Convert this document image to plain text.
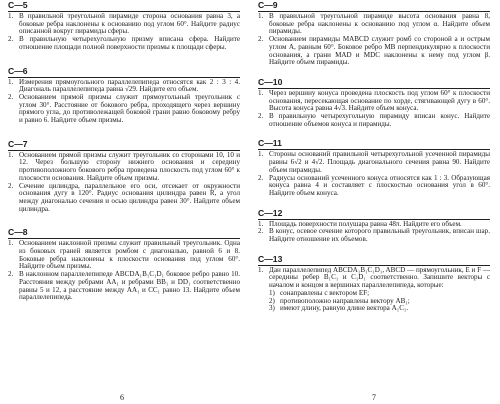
C—5
1. В правильной треугольной пирамиде сторона основания равна 3, а боковые ребра наклонены к основанию под углом 60°. Найдите радиус описанной вокруг пирамиды сферы.
2. В правильную четырехугольную призму вписана сфера. Найдите отношение площади полной поверхности призмы к площади сферы.
C—6
1. Измерения прямоугольного параллелепипеда относятся как 2 : 3 : 4. Диагональ параллелепипеда равна √29. Найдите его объем.
2. Основанием прямой призмы служит прямоугольный треугольник с углом 30°. Расстояние от бокового ребра, проходящего через вершину прямого угла, до противолежащей боковой грани равно боковому ребру и равно 6. Найдите объем призмы.
C—7
1. Основанием прямой призмы служит треугольник со сторонами 10, 10 и 12. Через большую сторону нижнего основания и середину противоположного бокового ребра проведена плоскость под углом 60° к плоскости основания. Найдите объем призмы.
2. Сечение цилиндра, параллельное его оси, отсекает от окружности основания дугу в 120°. Радиус основания цилиндра равен R, а угол между диагональю сечения и осью цилиндра равен 30°. Найдите объем цилиндра.
C—8
1. Основанием наклонной призмы служит правильный треугольник. Одна из боковых граней является ромбом с диагональю, равной 6 и 8. Боковые ребра наклонены к плоскости основания под углом 60°. Найдите объем призмы.
2. В наклонном параллелепипеде ABCDA₁B₁C₁D₁ боковое ребро равно 10. Расстояния между ребрами AA₁ и ребрами BB₁ и DD₁ соответственно равны 5 и 12, а расстояние между AA₁ и CC₁ равно 13. Найдите объем параллелепипеда.
6
C—9
1. В правильной треугольной пирамиде высота основания равна 8, боковые ребра наклонены к основанию под углом α. Найдите объем пирамиды.
2. Основанием пирамиды MABCD служит ромб со стороной a и острым углом A, равным 60°. Боковое ребро MB перпендикулярно к плоскости основания, а грани MAD и MDC наклонены к нему под углом β. Найдите объем пирамиды.
C—10
1. Через вершину конуса проведена плоскость под углом 60° к плоскости основания, пересекающая основание по хорде, стягивающей дугу в 60°. Высота конуса равна 4√3. Найдите объем конуса.
2. В правильную четырехугольную пирамиду вписан конус. Найдите отношение объемов конуса и пирамиды.
C—11
1. Стороны оснований правильной четырехугольной усеченной пирамиды равны 6√2 и 4√2. Площадь диагонального сечения равна 90. Найдите объем пирамиды.
2. Радиусы оснований усеченного конуса относятся как 1 : 3. Образующая конуса равна 4 и составляет с плоскостью основания угол в 60°. Найдите объем конуса.
C—12
1. Площадь поверхности полушара равна 48π. Найдите его объем.
2. В конус, осевое сечение которого правильный треугольник, вписан шар. Найдите отношение их объемов.
C—13
1. Дан параллелепипед ABCDA₁B₁C₁D₁, ABCD — прямоугольник, E и F — середины ребер B₁C₁ и C₁D₁ соответственно. Запишите векторы с началом и концом в вершинах параллелепипеда, которые:
1) сонаправлены с вектором EF;
2) противоположно направлены вектору AB₁;
3) имеют длину, равную длине вектора A₁C₁.
7
